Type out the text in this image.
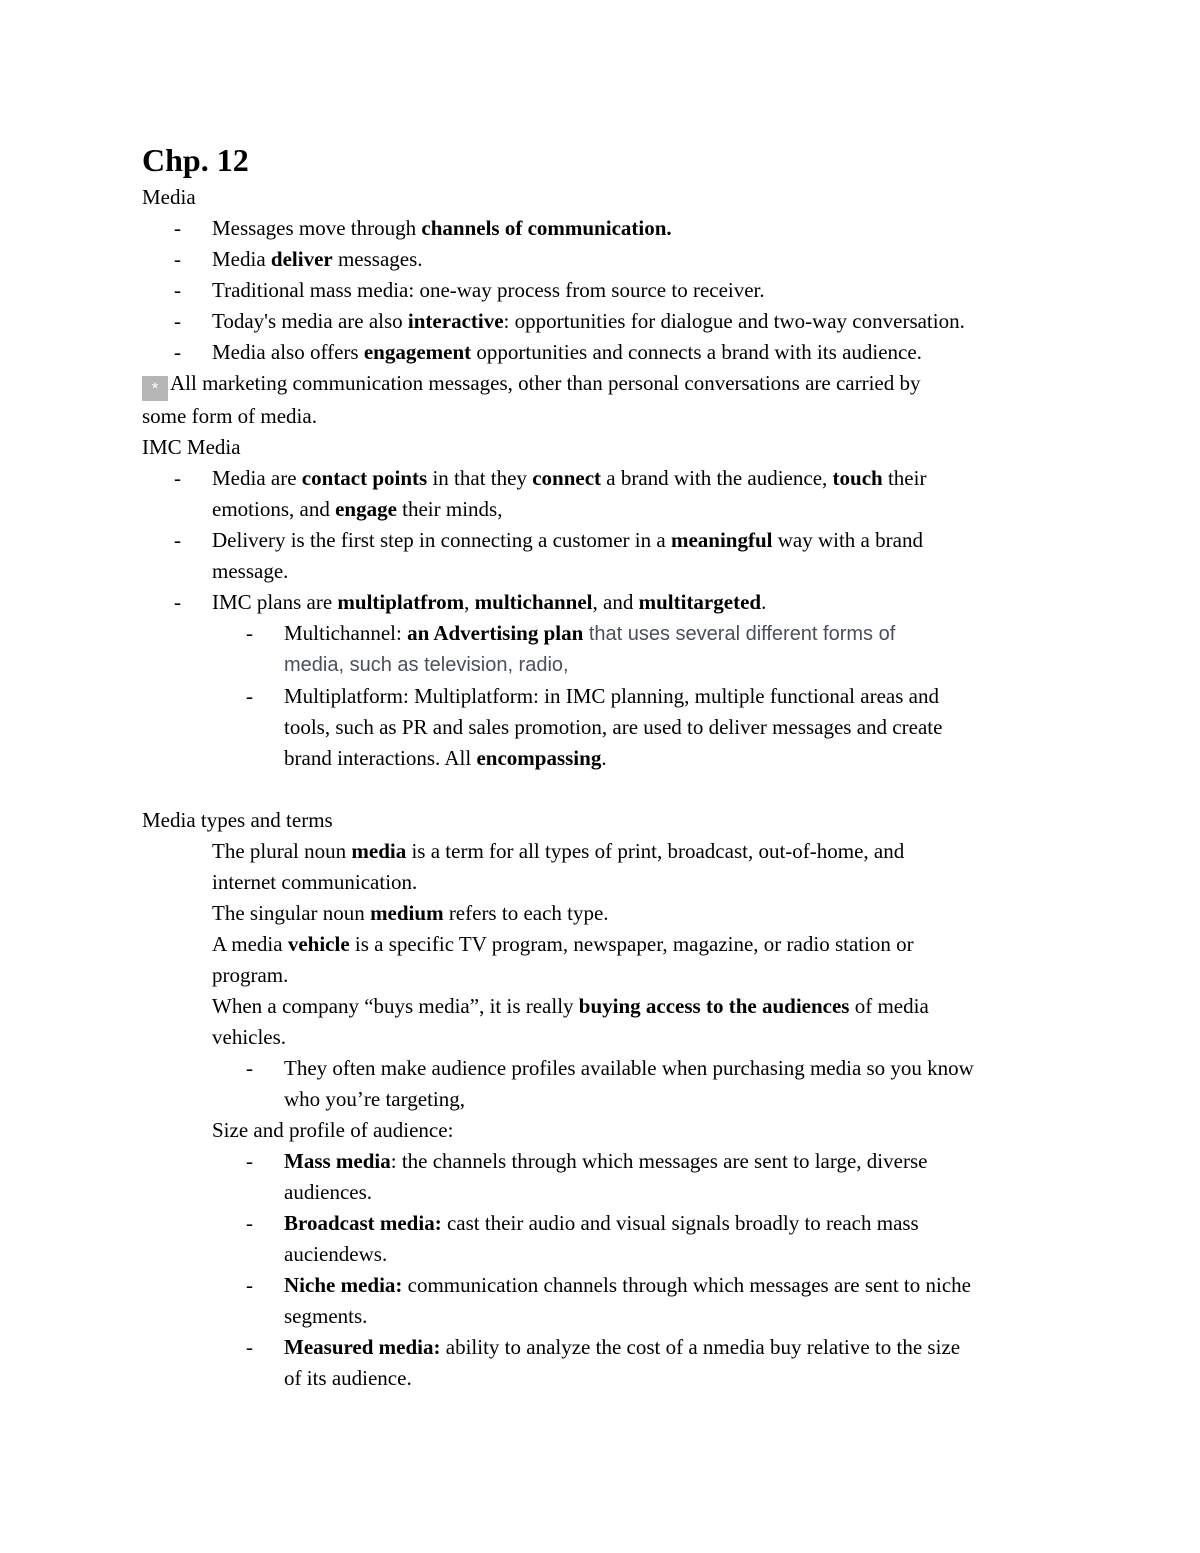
Chp. 12
Media
-	Messages move through channels of communication.
-	Media deliver messages.
-	Traditional mass media: one-way process from source to receiver.
-	Today's media are also interactive: opportunities for dialogue and two-way conversation.
-	Media also offers engagement opportunities and connects a brand with its audience.
* All marketing communication messages, other than personal conversations are carried by
some form of media.
IMC Media
-	Media are contact points in that they connect a brand with the audience, touch their
emotions, and engage their minds,
-	Delivery is the first step in connecting a customer in a meaningful way with a brand
message.
-	IMC plans are multiplatfrom, multichannel, and multitargeted.
-	Multichannel: an Advertising plan that uses several different forms of
media, such as television, radio,
-	Multiplatform: Multiplatform: in IMC planning, multiple functional areas and
tools, such as PR and sales promotion, are used to deliver messages and create
brand interactions. All encompassing.
Media types and terms
The plural noun media is a term for all types of print, broadcast, out-of-home, and
internet communication.
The singular noun medium refers to each type.
A media vehicle is a specific TV program, newspaper, magazine, or radio station or
program.
When a company “buys media”, it is really buying access to the audiences of media
vehicles.
-	They often make audience profiles available when purchasing media so you know
who you’re targeting,
Size and profile of audience:
-	Mass media: the channels through which messages are sent to large, diverse
audiences.
-	Broadcast media: cast their audio and visual signals broadly to reach mass
auciendews.
-	Niche media: communication channels through which messages are sent to niche
segments.
-	Measured media: ability to analyze the cost of a nmedia buy relative to the size
of its audience.
